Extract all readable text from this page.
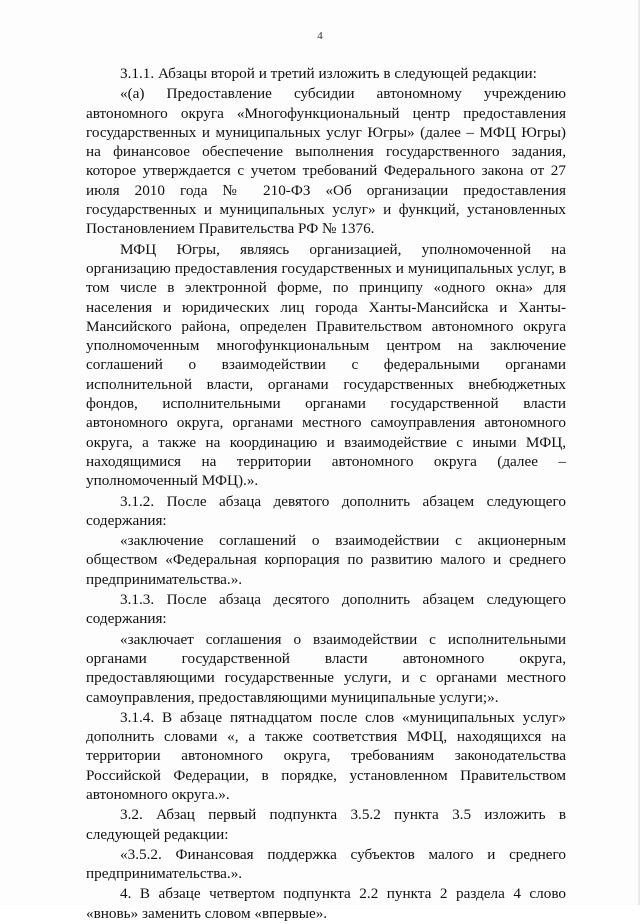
4

3.1.1. Абзацы второй и третий изложить в следующей редакции:

«(а) Предоставление субсидии автономному учреждению автономного округа «Многофункциональный центр предоставления государственных и муниципальных услуг Югры» (далее – МФЦ Югры) на финансовое обеспечение выполнения государственного задания, которое утверждается с учетом требований Федерального закона от 27 июля 2010 года № 210-ФЗ «Об организации предоставления государственных и муниципальных услуг» и функций, установленных Постановлением Правительства РФ № 1376.

МФЦ Югры, являясь организацией, уполномоченной на организацию предоставления государственных и муниципальных услуг, в том числе в электронной форме, по принципу «одного окна» для населения и юридических лиц города Ханты-Мансийска и Ханты-Мансийского района, определен Правительством автономного округа уполномоченным многофункциональным центром на заключение соглашений о взаимодействии с федеральными органами исполнительной власти, органами государственных внебюджетных фондов, исполнительными органами государственной власти автономного округа, органами местного самоуправления автономного округа, а также на координацию и взаимодействие с иными МФЦ, находящимися на территории автономного округа (далее – уполномоченный МФЦ).».

3.1.2. После абзаца девятого дополнить абзацем следующего содержания:

«заключение соглашений о взаимодействии с акционерным обществом «Федеральная корпорация по развитию малого и среднего предпринимательства.».

3.1.3. После абзаца десятого дополнить абзацем следующего содержания:

«заключает соглашения о взаимодействии с исполнительными органами государственной власти автономного округа, предоставляющими государственные услуги, и с органами местного самоуправления, предоставляющими муниципальные услуги;».

3.1.4. В абзаце пятнадцатом после слов «муниципальных услуг» дополнить словами «, а также соответствия МФЦ, находящихся на территории автономного округа, требованиям законодательства Российской Федерации, в порядке, установленном Правительством автономного округа.».

3.2. Абзац первый подпункта 3.5.2 пункта 3.5 изложить в следующей редакции:

«3.5.2. Финансовая поддержка субъектов малого и среднего предпринимательства.».

4. В абзаце четвертом подпункта 2.2 пункта 2 раздела 4 слово «вновь» заменить словом «впервые».
